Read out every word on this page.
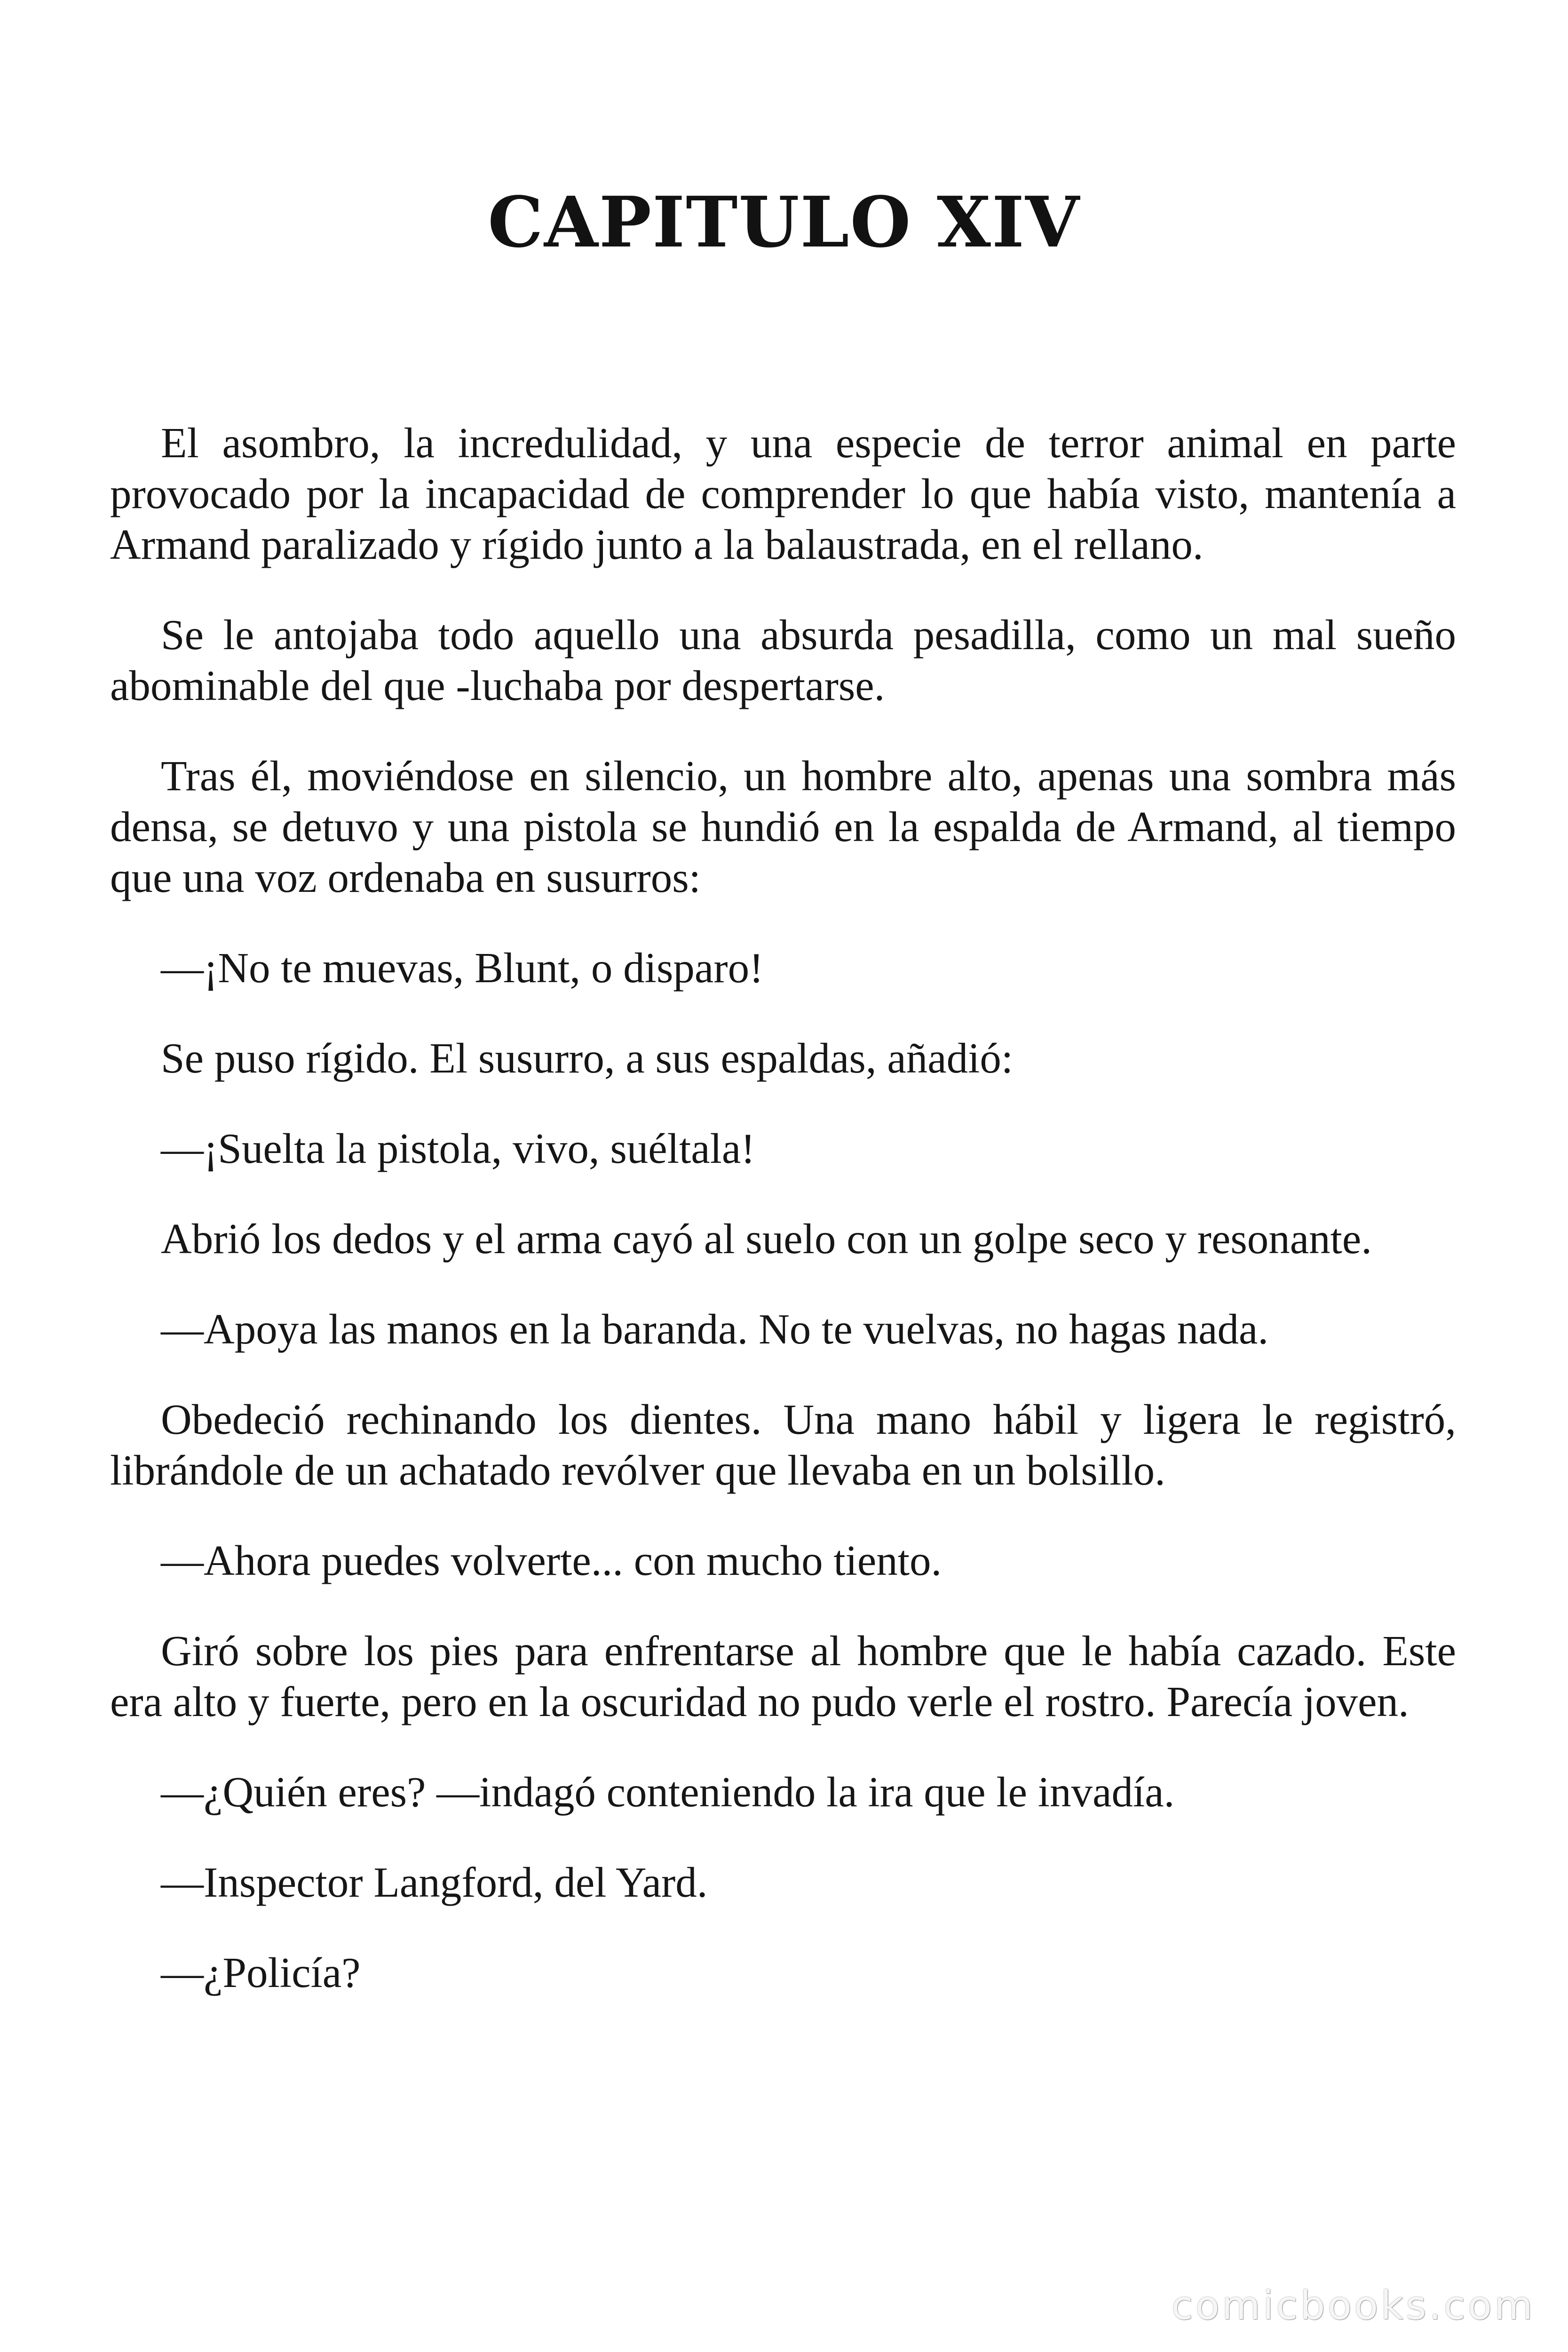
CAPITULO XIV

El asombro, la incredulidad, y una especie de terror animal en parte provocado por la incapacidad de comprender lo que había visto, mantenía a Armand paralizado y rígido junto a la balaustrada, en el rellano.

Se le antojaba todo aquello una absurda pesadilla, como un mal sueño abominable del que -luchaba por despertarse.

Tras él, moviéndose en silencio, un hombre alto, apenas una sombra más densa, se detuvo y una pistola se hundió en la espalda de Armand, al tiempo que una voz ordenaba en susurros:

—¡No te muevas, Blunt, o disparo!

Se puso rígido. El susurro, a sus espaldas, añadió:

—¡Suelta la pistola, vivo, suéltala!

Abrió los dedos y el arma cayó al suelo con un golpe seco y resonante.

—Apoya las manos en la baranda. No te vuelvas, no hagas nada.

Obedeció rechinando los dientes. Una mano hábil y ligera le registró, librándole de un achatado revólver que llevaba en un bolsillo.

—Ahora puedes volverte... con mucho tiento.

Giró sobre los pies para enfrentarse al hombre que le había cazado. Este era alto y fuerte, pero en la oscuridad no pudo verle el rostro. Parecía joven.

—¿Quién eres? —indagó conteniendo la ira que le invadía.

—Inspector Langford, del Yard.

—¿Policía?

comicbooks.com
